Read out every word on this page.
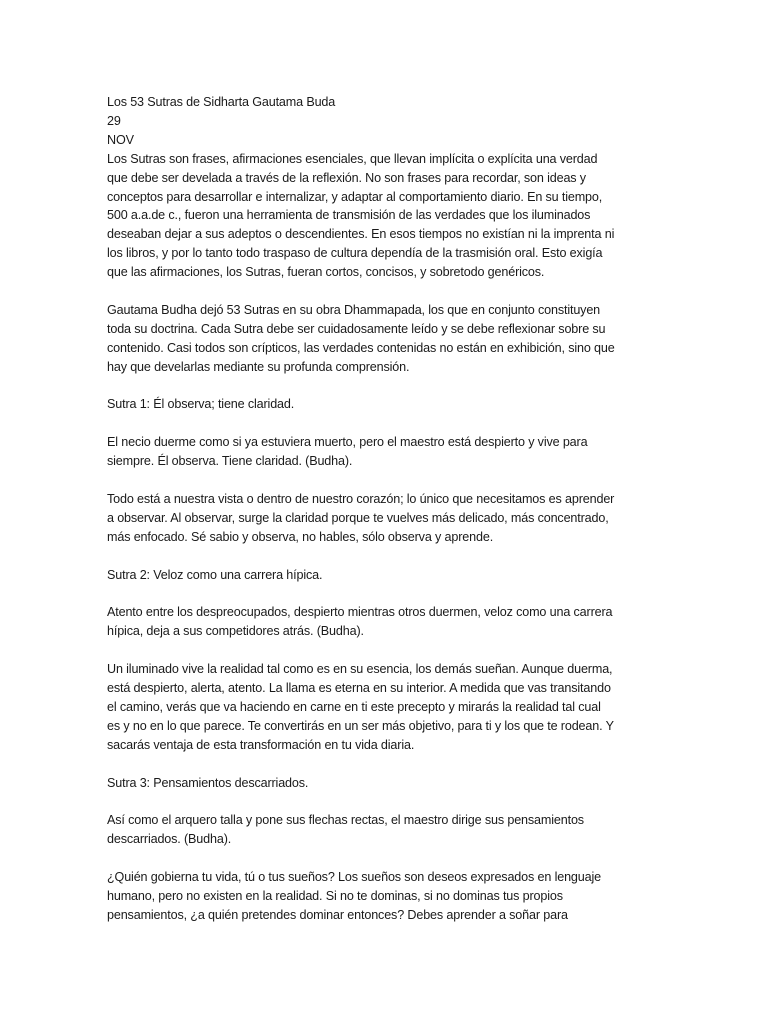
Los 53 Sutras de Sidharta Gautama Buda

29

NOV

Los Sutras son frases, afirmaciones esenciales, que llevan implícita o explícita una verdad que debe ser develada a través de la reflexión. No son frases para recordar, son ideas y conceptos para desarrollar e internalizar, y adaptar al comportamiento diario. En su tiempo, 500 a.a.de c., fueron una herramienta de transmisión de las verdades que los iluminados deseaban dejar a sus adeptos o descendientes. En esos tiempos no existían ni la imprenta ni los libros, y por lo tanto todo traspaso de cultura dependía de la trasmisión oral. Esto exigía que las afirmaciones, los Sutras, fueran cortos, concisos, y sobretodo genéricos.

Gautama Budha dejó 53 Sutras en su obra Dhammapada, los que en conjunto constituyen toda su doctrina. Cada Sutra debe ser cuidadosamente leído y se debe reflexionar sobre su contenido. Casi todos son crípticos, las verdades contenidas no están en exhibición, sino que hay que develarlas mediante su profunda comprensión.

Sutra 1: Él observa; tiene claridad.

El necio duerme como si ya estuviera muerto, pero el maestro está despierto y vive para siempre. Él observa. Tiene claridad. (Budha).

Todo está a nuestra vista o dentro de nuestro corazón; lo único que necesitamos es aprender a observar. Al observar, surge la claridad porque te vuelves más delicado, más concentrado, más enfocado. Sé sabio y observa, no hables, sólo observa y aprende.

Sutra 2: Veloz como una carrera hípica.

Atento entre los despreocupados, despierto mientras otros duermen, veloz como una carrera hípica, deja a sus competidores atrás. (Budha).

Un iluminado vive la realidad tal como es en su esencia, los demás sueñan. Aunque duerma, está despierto, alerta, atento. La llama es eterna en su interior. A medida que vas transitando el camino, verás que va haciendo en carne en ti este precepto y mirarás la realidad tal cual es y no en lo que parece. Te convertirás en un ser más objetivo, para ti y los que te rodean. Y sacarás ventaja de esta transformación en tu vida diaria.

Sutra 3: Pensamientos descarriados.

Así como el arquero talla y pone sus flechas rectas, el maestro dirige sus pensamientos descarriados. (Budha).

¿Quién gobierna tu vida, tú o tus sueños? Los sueños son deseos expresados en lenguaje humano, pero no existen en la realidad. Si no te dominas, si no dominas tus propios pensamientos, ¿a quién pretendes dominar entonces? Debes aprender a soñar para
